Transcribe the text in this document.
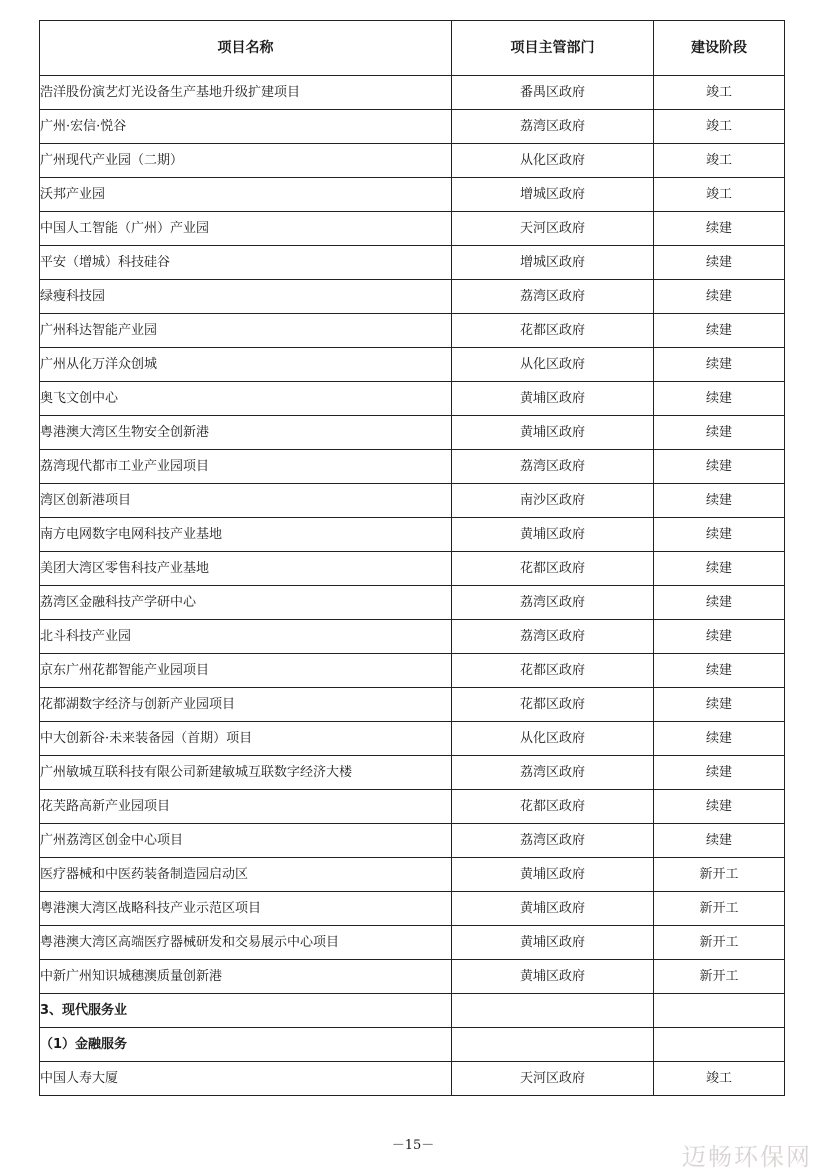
项目名称	项目主管部门	建设阶段
浩洋股份演艺灯光设备生产基地升级扩建项目	番禺区政府	竣工
广州·宏信·悦谷	荔湾区政府	竣工
广州现代产业园（二期）	从化区政府	竣工
沃邦产业园	增城区政府	竣工
中国人工智能（广州）产业园	天河区政府	续建
平安（增城）科技硅谷	增城区政府	续建
绿瘦科技园	荔湾区政府	续建
广州科达智能产业园	花都区政府	续建
广州从化万洋众创城	从化区政府	续建
奥飞文创中心	黄埔区政府	续建
粤港澳大湾区生物安全创新港	黄埔区政府	续建
荔湾现代都市工业产业园项目	荔湾区政府	续建
湾区创新港项目	南沙区政府	续建
南方电网数字电网科技产业基地	黄埔区政府	续建
美团大湾区零售科技产业基地	花都区政府	续建
荔湾区金融科技产学研中心	荔湾区政府	续建
北斗科技产业园	荔湾区政府	续建
京东广州花都智能产业园项目	花都区政府	续建
花都湖数字经济与创新产业园项目	花都区政府	续建
中大创新谷·未来装备园（首期）项目	从化区政府	续建
广州敏城互联科技有限公司新建敏城互联数字经济大楼	荔湾区政府	续建
花芙路高新产业园项目	花都区政府	续建
广州荔湾区创金中心项目	荔湾区政府	续建
医疗器械和中医药装备制造园启动区	黄埔区政府	新开工
粤港澳大湾区战略科技产业示范区项目	黄埔区政府	新开工
粤港澳大湾区高端医疗器械研发和交易展示中心项目	黄埔区政府	新开工
中新广州知识城穗澳质量创新港	黄埔区政府	新开工
3、现代服务业		
（1）金融服务		
中国人寿大厦	天河区政府	竣工
－15－	迈畅环保网
